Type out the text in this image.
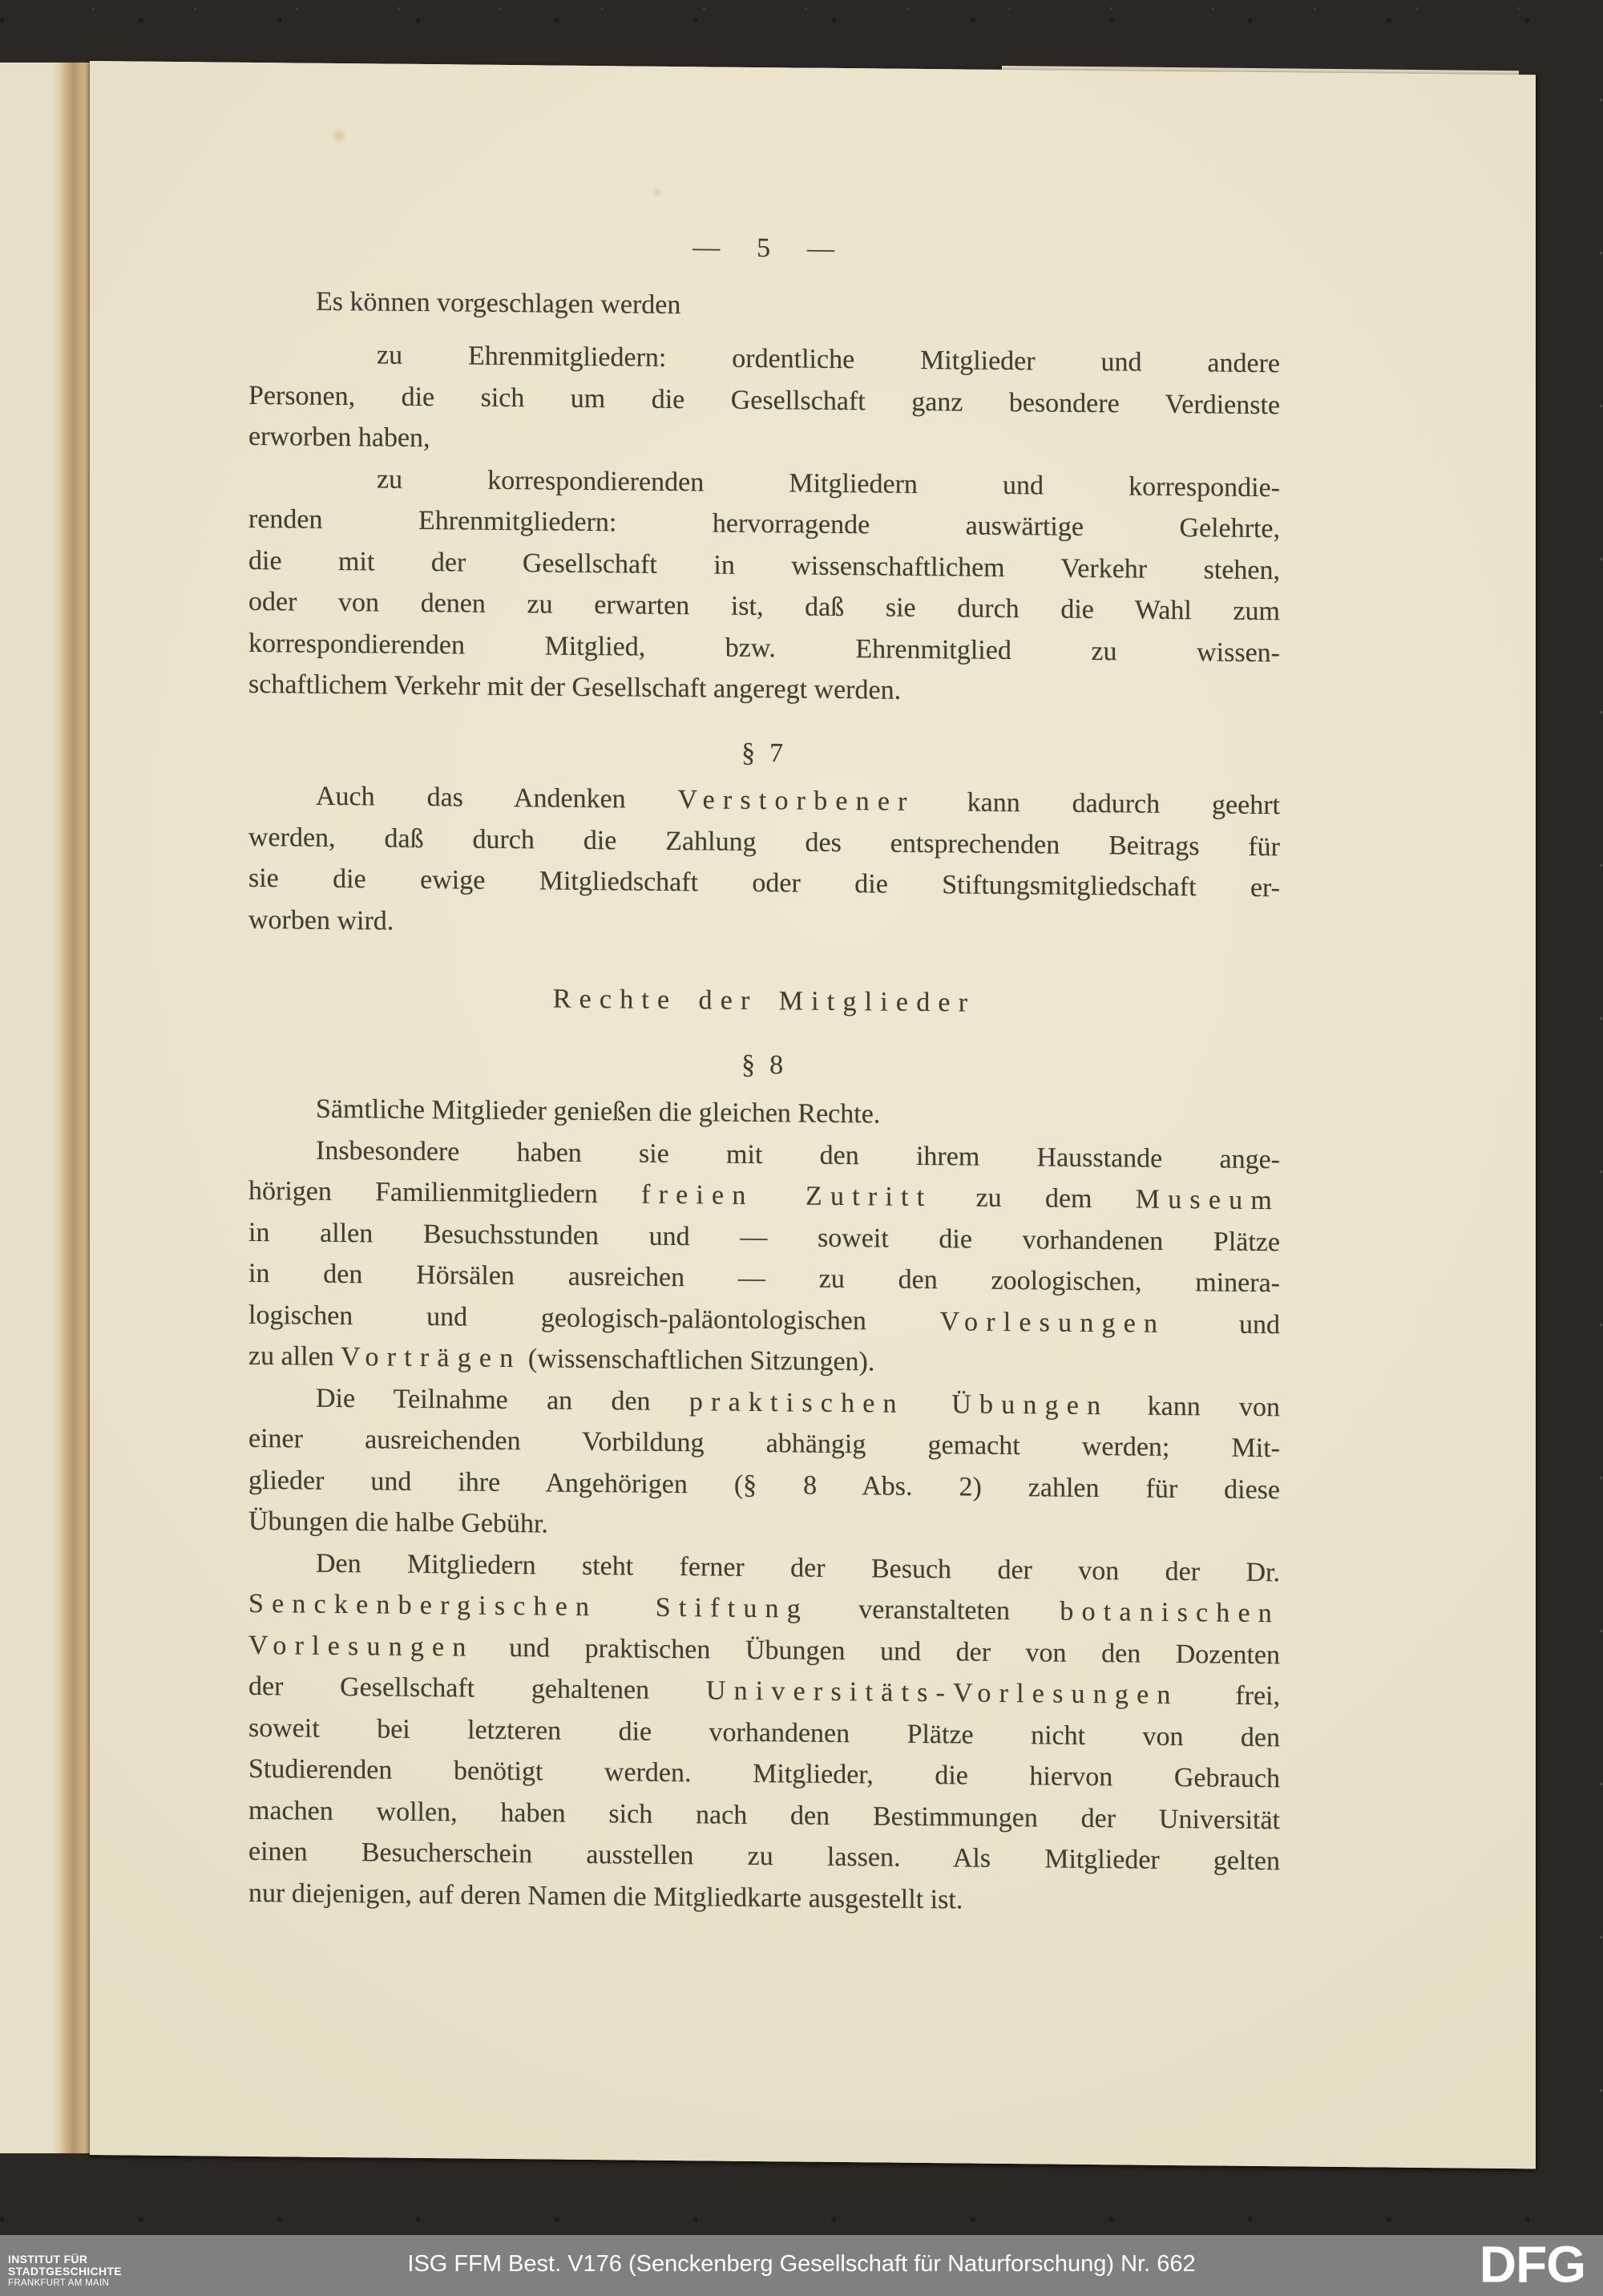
— 5 —
Es können vorgeschlagen werden
zu Ehrenmitgliedern: ordentliche Mitglieder und andere
Personen, die sich um die Gesellschaft ganz besondere Verdienste
erworben haben,
zu korrespondierenden Mitgliedern und korrespondie-
renden Ehrenmitgliedern: hervorragende auswärtige Gelehrte,
die mit der Gesellschaft in wissenschaftlichem Verkehr stehen,
oder von denen zu erwarten ist, daß sie durch die Wahl zum
korrespondierenden Mitglied, bzw. Ehrenmitglied zu wissen-
schaftlichem Verkehr mit der Gesellschaft angeregt werden.
§ 7
Auch das Andenken Verstorbener kann dadurch geehrt
werden, daß durch die Zahlung des entsprechenden Beitrags für
sie die ewige Mitgliedschaft oder die Stiftungsmitgliedschaft er-
worben wird.
Rechte der Mitglieder
§ 8
Sämtliche Mitglieder genießen die gleichen Rechte.
Insbesondere haben sie mit den ihrem Hausstande ange-
hörigen Familienmitgliedern freien Zutritt zu dem Museum
in allen Besuchsstunden und — soweit die vorhandenen Plätze
in den Hörsälen ausreichen — zu den zoologischen, minera-
logischen und geologisch-paläontologischen Vorlesungen und
zu allen Vorträgen (wissenschaftlichen Sitzungen).
Die Teilnahme an den praktischen Übungen kann von
einer ausreichenden Vorbildung abhängig gemacht werden; Mit-
glieder und ihre Angehörigen (§ 8 Abs. 2) zahlen für diese
Übungen die halbe Gebühr.
Den Mitgliedern steht ferner der Besuch der von der Dr.
Senckenbergischen Stiftung veranstalteten botanischen
Vorlesungen und praktischen Übungen und der von den Dozenten
der Gesellschaft gehaltenen Universitäts-Vorlesungen frei,
soweit bei letzteren die vorhandenen Plätze nicht von den
Studierenden benötigt werden. Mitglieder, die hiervon Gebrauch
machen wollen, haben sich nach den Bestimmungen der Universität
einen Besucherschein ausstellen zu lassen. Als Mitglieder gelten
nur diejenigen, auf deren Namen die Mitgliedkarte ausgestellt ist.
INSTITUT FÜR
STADTGESCHICHTE
FRANKFURT AM MAIN
ISG FFM Best. V176 (Senckenberg Gesellschaft für Naturforschung) Nr. 662	DFG
